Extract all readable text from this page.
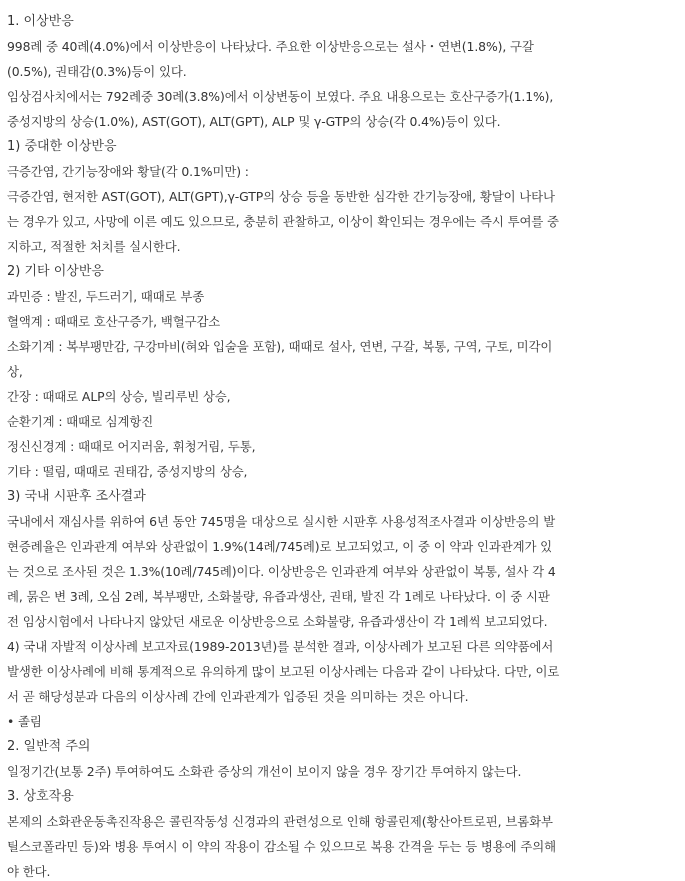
1. 이상반응
998례 중 40례(4.0%)에서 이상반응이 나타났다. 주요한 이상반응으로는 설사・연변(1.8%), 구갈
(0.5%), 권태감(0.3%)등이 있다.
임상검사치에서는 792례중 30례(3.8%)에서 이상변동이 보였다. 주요 내용으로는 호산구증가(1.1%),
중성지방의 상승(1.0%), AST(GOT), ALT(GPT), ALP 및 γ-GTP의 상승(각 0.4%)등이 있다.
1) 중대한 이상반응
극증간염, 간기능장애와 황달(각 0.1%미만) :
극증간염, 현저한 AST(GOT), ALT(GPT),γ-GTP의 상승 등을 동반한 심각한 간기능장애, 황달이 나타나
는 경우가 있고, 사망에 이른 예도 있으므로, 충분히 관찰하고, 이상이 확인되는 경우에는 즉시 투여를 중
지하고, 적절한 처치를 실시한다.
2) 기타 이상반응
과민증 : 발진, 두드러기, 때때로 부종
혈액계 : 때때로 호산구증가, 백혈구감소
소화기계 : 복부팽만감, 구강마비(혀와 입술을 포함), 때때로 설사, 연변, 구갈, 복통, 구역, 구토, 미각이
상,
간장 : 때때로 ALP의 상승, 빌리루빈 상승,
순환기계 : 때때로 심계항진
정신신경계 : 때때로 어지러움, 휘청거림, 두통,
기타 : 떨림, 때때로 권태감, 중성지방의 상승,
3) 국내 시판후 조사결과
국내에서 재심사를 위하여 6년 동안 745명을 대상으로 실시한 시판후 사용성적조사결과 이상반응의 발
현증례율은 인과관계 여부와 상관없이 1.9%(14례/745례)로 보고되었고, 이 중 이 약과 인과관계가 있
는 것으로 조사된 것은 1.3%(10례/745례)이다. 이상반응은 인과관계 여부와 상관없이 복통, 설사 각 4
례, 묽은 변 3례, 오심 2례, 복부팽만, 소화불량, 유즙과생산, 권태, 발진 각 1례로 나타났다. 이 중 시판
전 임상시험에서 나타나지 않았던 새로운 이상반응으로 소화불량, 유즙과생산이 각 1례씩 보고되었다.
4) 국내 자발적 이상사례 보고자료(1989-2013년)를 분석한 결과, 이상사례가 보고된 다른 의약품에서
발생한 이상사례에 비해 통계적으로 유의하게 많이 보고된 이상사례는 다음과 같이 나타났다. 다만, 이로
서 곧 해당성분과 다음의 이상사례 간에 인과관계가 입증된 것을 의미하는 것은 아니다.
• 졸림
2. 일반적 주의
일정기간(보통 2주) 투여하여도 소화관 증상의 개선이 보이지 않을 경우 장기간 투여하지 않는다.
3. 상호작용
본제의 소화관운동촉진작용은 콜린작동성 신경과의 관련성으로 인해 항콜린제(황산아트로핀, 브롬화부
틸스코폴라민 등)와 병용 투여시 이 약의 작용이 감소될 수 있으므로 복용 간격을 두는 등 병용에 주의해
야 한다.
